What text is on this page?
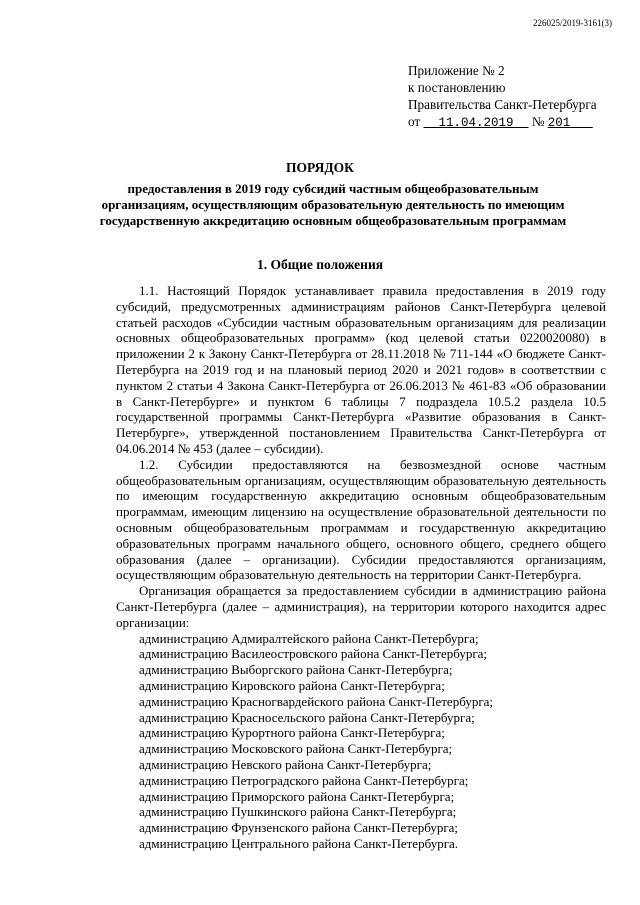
226025/2019-3161(3)
Приложение № 2
к постановлению
Правительства Санкт-Петербурга
от 11.04.2019 № 201
ПОРЯДОК
предоставления в 2019 году субсидий частным общеобразовательным организациям, осуществляющим образовательную деятельность по имеющим государственную аккредитацию основным общеобразовательным программам
1. Общие положения

1.1. Настоящий Порядок устанавливает правила предоставления в 2019 году субсидий, предусмотренных администрациям районов Санкт-Петербурга целевой статьей расходов «Субсидии частным образовательным организациям для реализации основных общеобразовательных программ» (код целевой статьи 0220020080) в приложении 2 к Закону Санкт-Петербурга от 28.11.2018 № 711-144 «О бюджете Санкт-Петербурга на 2019 год и на плановый период 2020 и 2021 годов» в соответствии с пунктом 2 статьи 4 Закона Санкт-Петербурга от 26.06.2013 № 461-83 «Об образовании в Санкт-Петербурге» и пунктом 6 таблицы 7 подраздела 10.5.2 раздела 10.5 государственной программы Санкт-Петербурга «Развитие образования в Санкт-Петербурге», утвержденной постановлением Правительства Санкт-Петербурга от 04.06.2014 № 453 (далее – субсидии).

1.2. Субсидии предоставляются на безвозмездной основе частным общеобразовательным организациям, осуществляющим образовательную деятельность по имеющим государственную аккредитацию основным общеобразовательным программам, имеющим лицензию на осуществление образовательной деятельности по основным общеобразовательным программам и государственную аккредитацию образовательных программ начального общего, основного общего, среднего общего образования (далее – организации). Субсидии предоставляются организациям, осуществляющим образовательную деятельность на территории Санкт-Петербурга.

Организация обращается за предоставлением субсидии в администрацию района Санкт-Петербурга (далее – администрация), на территории которого находится адрес организации:

администрацию Адмиралтейского района Санкт-Петербурга;
администрацию Василеостровского района Санкт-Петербурга;
администрацию Выборгского района Санкт-Петербурга;
администрацию Кировского района Санкт-Петербурга;
администрацию Красногвардейского района Санкт-Петербурга;
администрацию Красносельского района Санкт-Петербурга;
администрацию Курортного района Санкт-Петербурга;
администрацию Московского района Санкт-Петербурга;
администрацию Невского района Санкт-Петербурга;
администрацию Петроградского района Санкт-Петербурга;
администрацию Приморского района Санкт-Петербурга;
администрацию Пушкинского района Санкт-Петербурга;
администрацию Фрунзенского района Санкт-Петербурга;
администрацию Центрального района Санкт-Петербурга.
